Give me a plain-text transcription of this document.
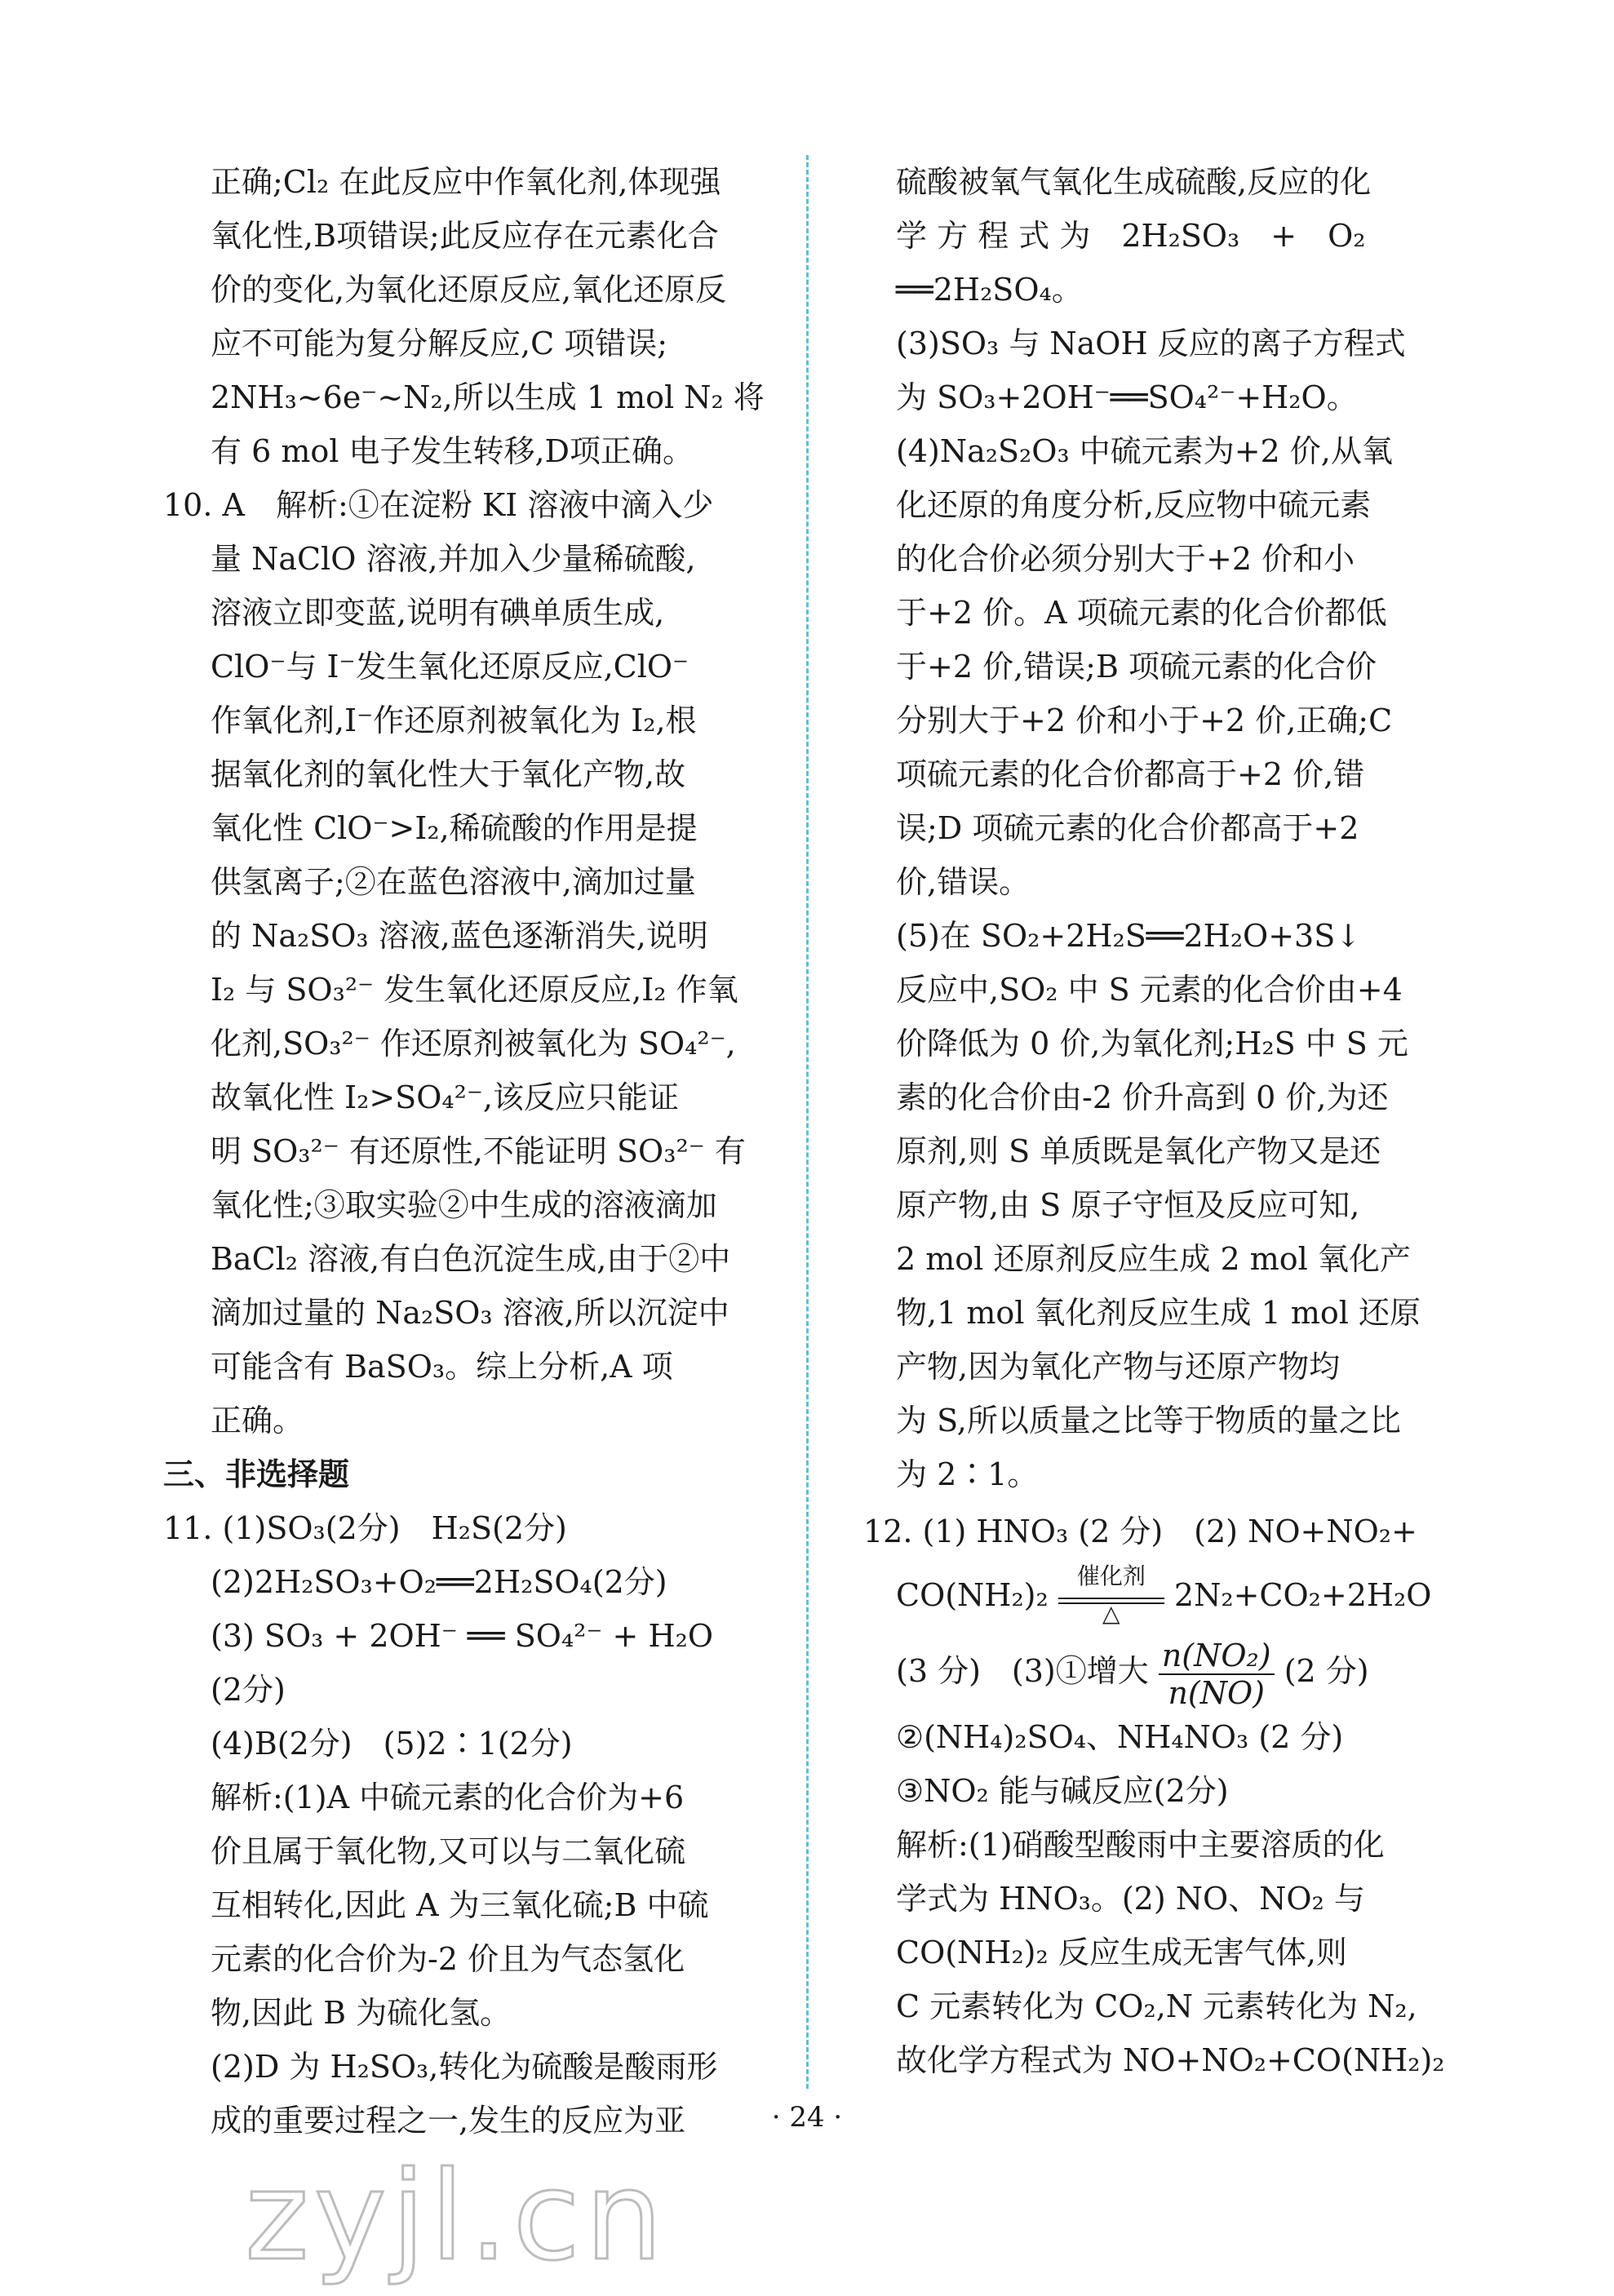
正确;Cl₂ 在此反应中作氧化剂,体现强
氧化性,B项错误;此反应存在元素化合
价的变化,为氧化还原反应,氧化还原反
应不可能为复分解反应,C 项错误;
2NH₃~6e⁻~N₂,所以生成 1 mol N₂ 将
有 6 mol 电子发生转移,D项正确。
10. A　解析:①在淀粉 KI 溶液中滴入少
量 NaClO 溶液,并加入少量稀硫酸,
溶液立即变蓝,说明有碘单质生成,
ClO⁻与 I⁻发生氧化还原反应,ClO⁻
作氧化剂,I⁻作还原剂被氧化为 I₂,根
据氧化剂的氧化性大于氧化产物,故
氧化性 ClO⁻>I₂,稀硫酸的作用是提
供氢离子;②在蓝色溶液中,滴加过量
的 Na₂SO₃ 溶液,蓝色逐渐消失,说明
I₂ 与 SO₃²⁻ 发生氧化还原反应,I₂ 作氧
化剂,SO₃²⁻ 作还原剂被氧化为 SO₄²⁻,
故氧化性 I₂>SO₄²⁻,该反应只能证
明 SO₃²⁻ 有还原性,不能证明 SO₃²⁻ 有
氧化性;③取实验②中生成的溶液滴加
BaCl₂ 溶液,有白色沉淀生成,由于②中
滴加过量的 Na₂SO₃ 溶液,所以沉淀中
可能含有 BaSO₃。综上分析,A 项
正确。
三、非选择题
11. (1)SO₃(2分)　H₂S(2分)
(2)2H₂SO₃+O₂══2H₂SO₄(2分)
(3) SO₃ + 2OH⁻ ══ SO₄²⁻ + H₂O
(2分)
(4)B(2分)　(5)2∶1(2分)
解析:(1)A 中硫元素的化合价为+6
价且属于氧化物,又可以与二氧化硫
互相转化,因此 A 为三氧化硫;B 中硫
元素的化合价为-2 价且为气态氢化
物,因此 B 为硫化氢。
(2)D 为 H₂SO₃,转化为硫酸是酸雨形
成的重要过程之一,发生的反应为亚
硫酸被氧气氧化生成硫酸,反应的化
学 方 程 式 为　2H₂SO₃　+　O₂
══2H₂SO₄。
(3)SO₃ 与 NaOH 反应的离子方程式
为 SO₃+2OH⁻══SO₄²⁻+H₂O。
(4)Na₂S₂O₃ 中硫元素为+2 价,从氧
化还原的角度分析,反应物中硫元素
的化合价必须分别大于+2 价和小
于+2 价。A 项硫元素的化合价都低
于+2 价,错误;B 项硫元素的化合价
分别大于+2 价和小于+2 价,正确;C
项硫元素的化合价都高于+2 价,错
误;D 项硫元素的化合价都高于+2
价,错误。
(5)在 SO₂+2H₂S══2H₂O+3S↓
反应中,SO₂ 中 S 元素的化合价由+4
价降低为 0 价,为氧化剂;H₂S 中 S 元
素的化合价由-2 价升高到 0 价,为还
原剂,则 S 单质既是氧化产物又是还
原产物,由 S 原子守恒及反应可知,
2 mol 还原剂反应生成 2 mol 氧化产
物,1 mol 氧化剂反应生成 1 mol 还原
产物,因为氧化产物与还原产物均
为 S,所以质量之比等于物质的量之比
为 2∶1。
12. (1) HNO₃ (2 分)　(2) NO+NO₂+
CO(NH₂)₂
催化剂
△	2N₂+CO₂+2H₂O
(3 分)　(3)①增大 $\frac{\text{n(NO₂)}}{n(NO)} (2$ 分)
②(NH₄)₂SO₄、NH₄NO₃ (2 分)
③NO₂ 能与碱反应(2分)
解析:(1)硝酸型酸雨中主要溶质的化
学式为 HNO₃。(2) NO、NO₂ 与
CO(NH₂)₂ 反应生成无害气体,则
C 元素转化为 CO₂,N 元素转化为 N₂,
故化学方程式为 NO+NO₂+CO(NH₂)₂
· 24 ·
zyjl.cn
